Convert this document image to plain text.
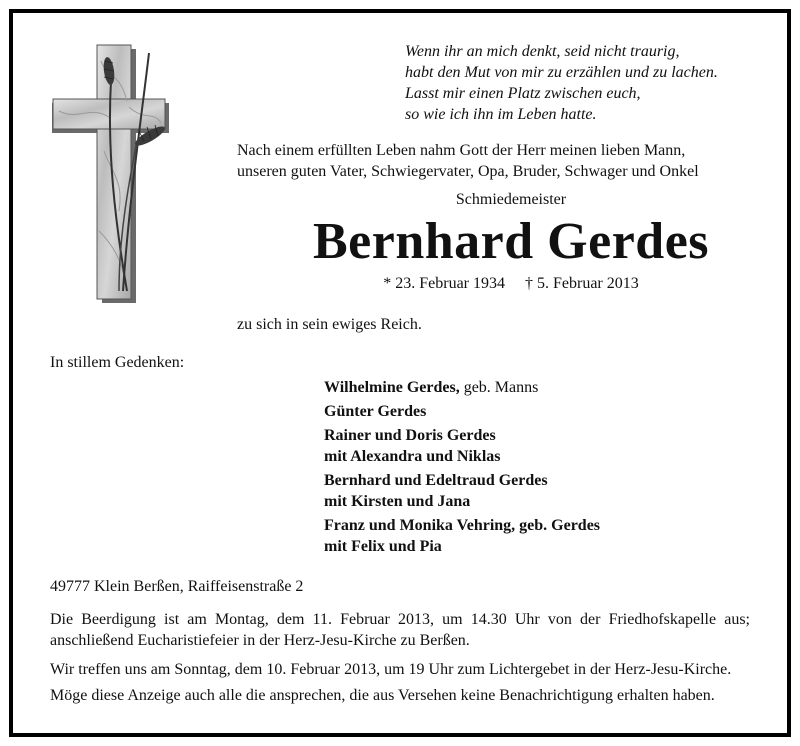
Wenn ihr an mich denkt, seid nicht traurig,
habt den Mut von mir zu erzählen und zu lachen.
Lasst mir einen Platz zwischen euch,
so wie ich ihn im Leben hatte.
Nach einem erfüllten Leben nahm Gott der Herr meinen lieben Mann,
unseren guten Vater, Schwiegervater, Opa, Bruder, Schwager und Onkel
Schmiedemeister
Bernhard Gerdes
* 23. Februar 1934     † 5. Februar 2013
zu sich in sein ewiges Reich.
In stillem Gedenken:
Wilhelmine Gerdes, geb. Manns
Günter Gerdes
Rainer und Doris Gerdes
mit Alexandra und Niklas
Bernhard und Edeltraud Gerdes
mit Kirsten und Jana
Franz und Monika Vehring, geb. Gerdes
mit Felix und Pia
49777 Klein Berßen, Raiffeisenstraße 2
Die Beerdigung ist am Montag, dem 11. Februar 2013, um 14.30 Uhr von der Friedhofskapelle aus; anschließend Eucharistiefeier in der Herz-Jesu-Kirche zu Berßen.
Wir treffen uns am Sonntag, dem 10. Februar 2013, um 19 Uhr zum Lichtergebet in der Herz-Jesu-Kirche.
Möge diese Anzeige auch alle die ansprechen, die aus Versehen keine Benachrichtigung erhalten haben.
